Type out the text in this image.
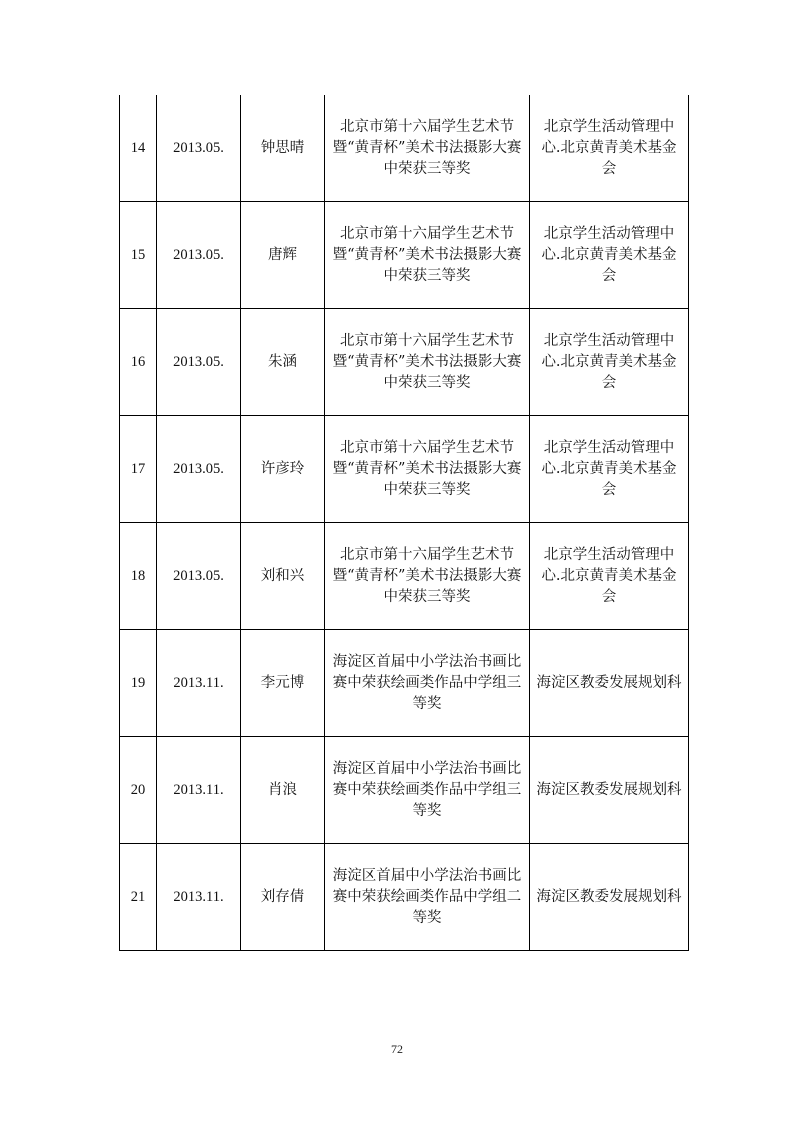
14	2013.05.	钟思晴	北京市第十六届学生艺术节暨“黄青杯”美术书法摄影大赛中荣获三等奖	北京学生活动管理中心.北京黄青美术基金会
15	2013.05.	唐辉	北京市第十六届学生艺术节暨“黄青杯”美术书法摄影大赛中荣获三等奖	北京学生活动管理中心.北京黄青美术基金会
16	2013.05.	朱涵	北京市第十六届学生艺术节暨“黄青杯”美术书法摄影大赛中荣获三等奖	北京学生活动管理中心.北京黄青美术基金会
17	2013.05.	许彦玲	北京市第十六届学生艺术节暨“黄青杯”美术书法摄影大赛中荣获三等奖	北京学生活动管理中心.北京黄青美术基金会
18	2013.05.	刘和兴	北京市第十六届学生艺术节暨“黄青杯”美术书法摄影大赛中荣获三等奖	北京学生活动管理中心.北京黄青美术基金会
19	2013.11.	李元博	海淀区首届中小学法治书画比赛中荣获绘画类作品中学组三等奖	海淀区教委发展规划科
20	2013.11.	肖浪	海淀区首届中小学法治书画比赛中荣获绘画类作品中学组三等奖	海淀区教委发展规划科
21	2013.11.	刘存倩	海淀区首届中小学法治书画比赛中荣获绘画类作品中学组二等奖	海淀区教委发展规划科
72
